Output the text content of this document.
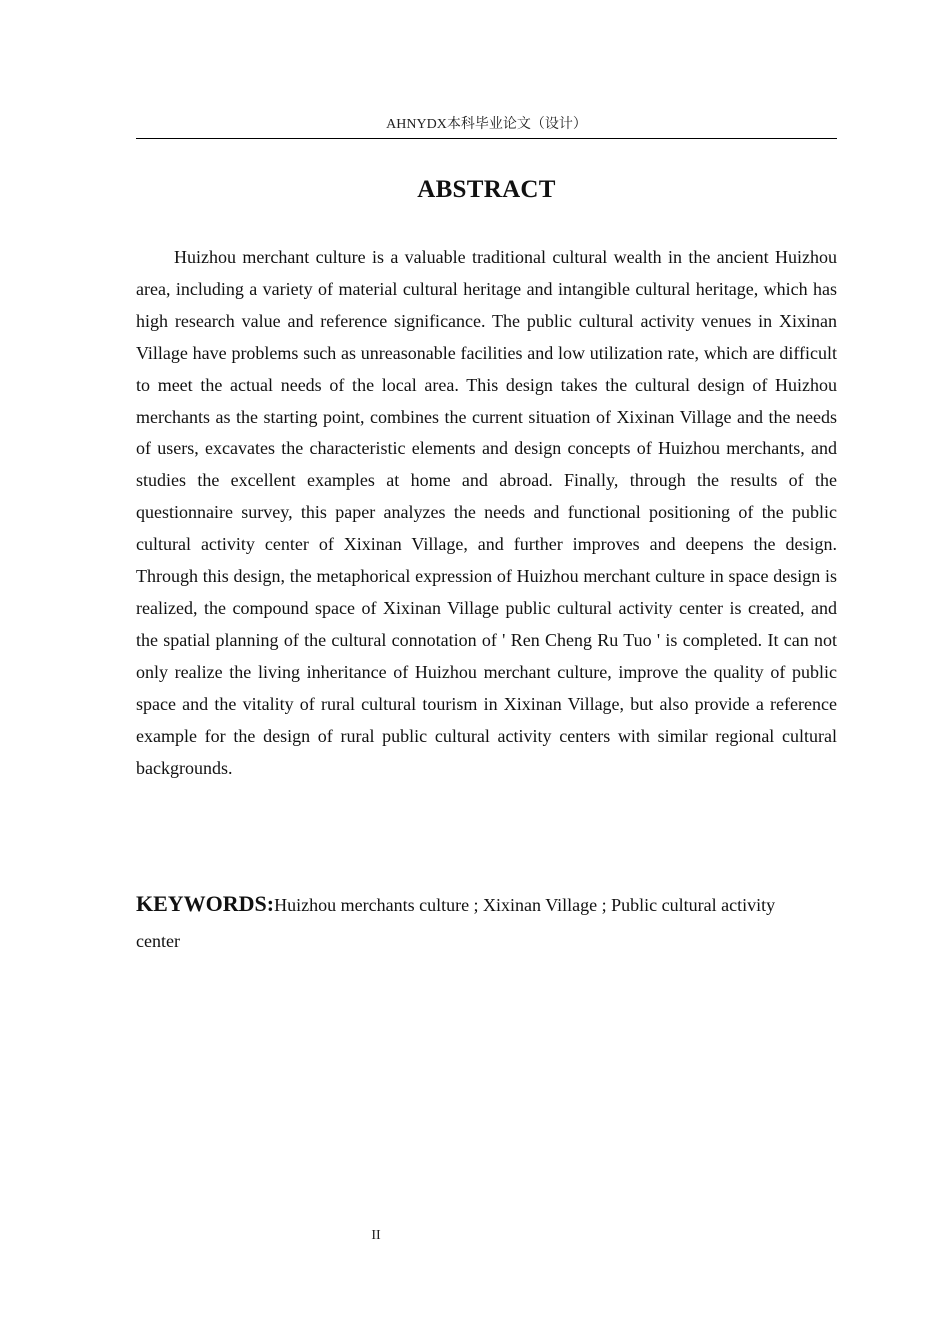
AHNYDX本科毕业论文（设计）
ABSTRACT

Huizhou merchant culture is a valuable traditional cultural wealth in the ancient Huizhou area, including a variety of material cultural heritage and intangible cultural heritage, which has high research value and reference significance. The public cultural activity venues in Xixinan Village have problems such as unreasonable facilities and low utilization rate, which are difficult to meet the actual needs of the local area. This design takes the cultural design of Huizhou merchants as the starting point, combines the current situation of Xixinan Village and the needs of users, excavates the characteristic elements and design concepts of Huizhou merchants, and studies the excellent examples at home and abroad. Finally, through the results of the questionnaire survey, this paper analyzes the needs and functional positioning of the public cultural activity center of Xixinan Village, and further improves and deepens the design. Through this design, the metaphorical expression of Huizhou merchant culture in space design is realized, the compound space of Xixinan Village public cultural activity center is created, and the spatial planning of the cultural connotation of ' Ren Cheng Ru Tuo ' is completed. It can not only realize the living inheritance of Huizhou merchant culture, improve the quality of public space and the vitality of rural cultural tourism in Xixinan Village, but also provide a reference example for the design of rural public cultural activity centers with similar regional cultural backgrounds.

KEYWORDS:Huizhou merchants culture ; Xixinan Village ; Public cultural activity center

II
